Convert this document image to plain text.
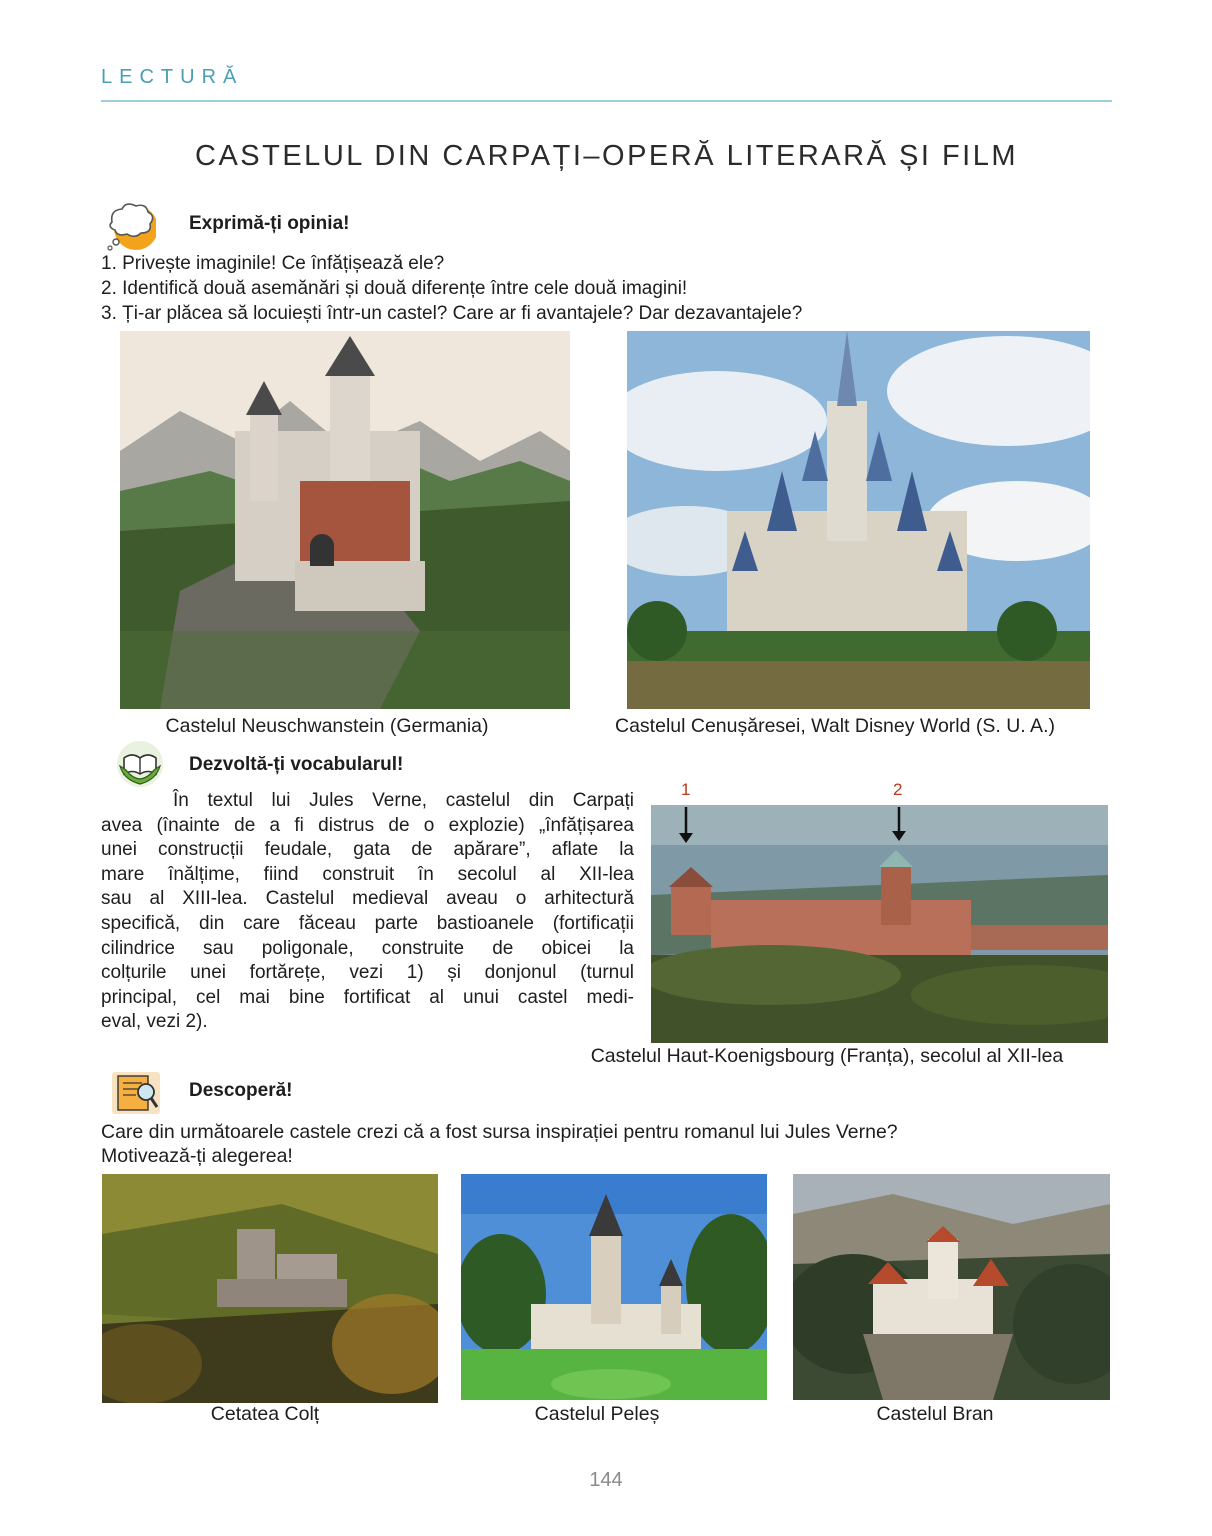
LECTURĂ
CASTELUL DIN CARPAȚI–OPERĂ LITERARĂ ȘI FILM
Exprimă-ți opinia!
1. Privește imaginile! Ce înfățișează ele?
2. Identifică două asemănări și două diferențe între cele două imagini!
3. Ți-ar plăcea să locuiești într-un castel? Care ar fi avantajele? Dar dezavantajele?
Castelul Neuschwanstein (Germania)	Castelul Cenușăresei, Walt Disney World (S. U. A.)
Dezvoltă-ți vocabularul!
În textul lui Jules Verne, castelul din Carpați
avea (înainte de a fi distrus de o explozie) „înfățișarea
unei construcții feudale, gata de apărare”, aflate la
mare înălțime, fiind construit în secolul al XII-lea
sau al XIII-lea. Castelul medieval aveau o arhitectură
specifică, din care făceau parte bastioanele (fortificații
cilindrice sau poligonale, construite de obicei la
colțurile unei fortărețe, vezi 1) și donjonul (turnul
principal, cel mai bine fortificat al unui castel medi-
eval, vezi 2).
1	2
Castelul Haut-Koenigsbourg (Franța), secolul al XII-lea
Descoperă!
Care din următoarele castele crezi că a fost sursa inspirației pentru romanul lui Jules Verne?
Motivează-ți alegerea!
Cetatea Colț	Castelul Peleș	Castelul Bran
144
